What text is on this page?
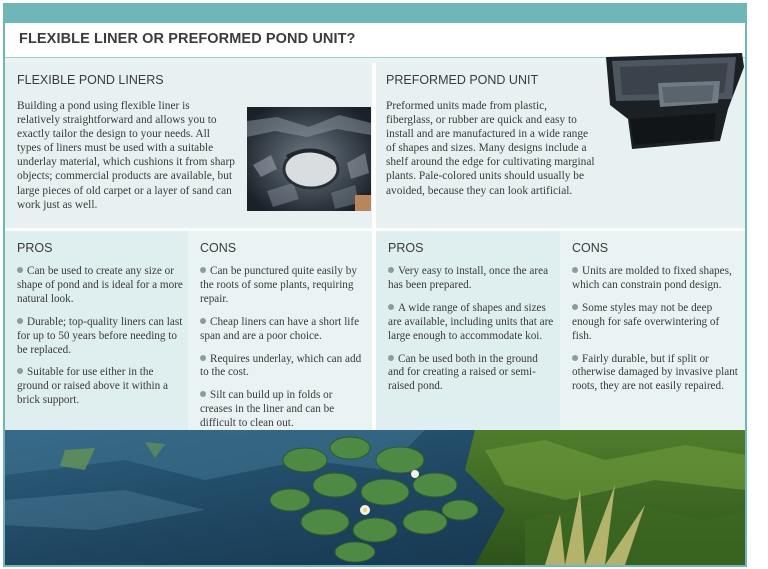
FLEXIBLE LINER OR PREFORMED POND UNIT?
FLEXIBLE POND LINERS

Building a pond using flexible liner is relatively straightforward and allows you to exactly tailor the design to your needs. All types of liners must be used with a suitable underlay material, which cushions it from sharp objects; commercial products are available, but large pieces of old carpet or a layer of sand can work just as well.

PREFORMED POND UNIT

Preformed units made from plastic, fiberglass, or rubber are quick and easy to install and are manufactured in a wide range of shapes and sizes. Many designs include a shelf around the edge for cultivating marginal plants. Pale-colored units should usually be avoided, because they can look artificial.

PROS
Can be used to create any size or shape of pond and is ideal for a more natural look.
Durable; top-quality liners can last for up to 50 years before needing to be replaced.
Suitable for use either in the ground or raised above it within a brick support.
CONS
Can be punctured quite easily by the roots of some plants, requiring repair.
Cheap liners can have a short life span and are a poor choice.
Requires underlay, which can add to the cost.
Silt can build up in folds or creases in the liner and can be difficult to clean out.
PROS
Very easy to install, once the area has been prepared.
A wide range of shapes and sizes are available, including units that are large enough to accommodate koi.
Can be used both in the ground and for creating a raised or semi-raised pond.
CONS
Units are molded to fixed shapes, which can constrain pond design.
Some styles may not be deep enough for safe overwintering of fish.
Fairly durable, but if split or otherwise damaged by invasive plant roots, they are not easily repaired.
